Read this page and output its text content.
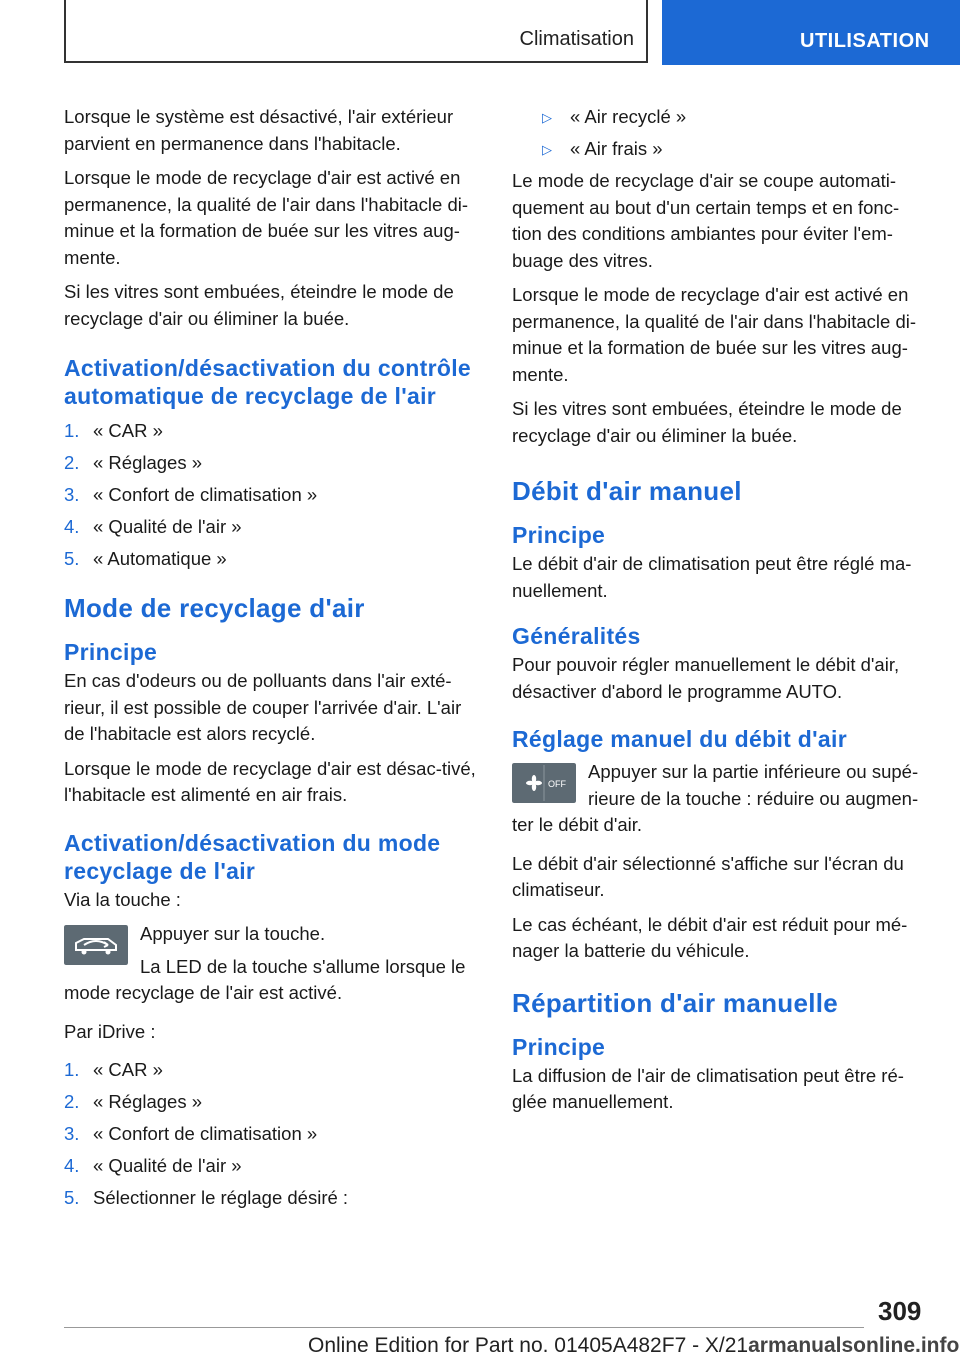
Climatisation	UTILISATION

Lorsque le système est désactivé, l'air extérieur parvient en permanence dans l'habitacle.

Lorsque le mode de recyclage d'air est activé en permanence, la qualité de l'air dans l'habitacle di-minue et la formation de buée sur les vitres aug-mente.

Si les vitres sont embuées, éteindre le mode de recyclage d'air ou éliminer la buée.

Activation/désactivation du contrôle automatique de recyclage de l'air
1. « CAR »
2. « Réglages »
3. « Confort de climatisation »
4. « Qualité de l'air »
5. « Automatique »
Mode de recyclage d'air
Principe

En cas d'odeurs ou de polluants dans l'air exté-rieur, il est possible de couper l'arrivée d'air. L'air de l'habitacle est alors recyclé.

Lorsque le mode de recyclage d'air est désac-tivé, l'habitacle est alimenté en air frais.

Activation/désactivation du mode recyclage de l'air

Via la touche :

Appuyer sur la touche.

La LED de la touche s'allume lorsque le

mode recyclage de l'air est activé.

Par iDrive :

1. « CAR »
2. « Réglages »
3. « Confort de climatisation »
4. « Qualité de l'air »
5. Sélectionner le réglage désiré :
▷ « Air recyclé »
▷ « Air frais »

Le mode de recyclage d'air se coupe automati-quement au bout d'un certain temps et en fonc-tion des conditions ambiantes pour éviter l'em-buage des vitres.

Lorsque le mode de recyclage d'air est activé en permanence, la qualité de l'air dans l'habitacle di-minue et la formation de buée sur les vitres aug-mente.

Si les vitres sont embuées, éteindre le mode de recyclage d'air ou éliminer la buée.

Débit d'air manuel
Principe

Le débit d'air de climatisation peut être réglé ma-nuellement.

Généralités

Pour pouvoir régler manuellement le débit d'air, désactiver d'abord le programme AUTO.

Réglage manuel du débit d'air
OFF

Appuyer sur la partie inférieure ou supé-

rieure de la touche : réduire ou augmen-

ter le débit d'air.

Le débit d'air sélectionné s'affiche sur l'écran du climatiseur.

Le cas échéant, le débit d'air est réduit pour mé-nager la batterie du véhicule.

Répartition d'air manuelle
Principe

La diffusion de l'air de climatisation peut être ré-glée manuellement.

309
Online Edition for Part no. 01405A482F7 - X/21armanualsonline.info
